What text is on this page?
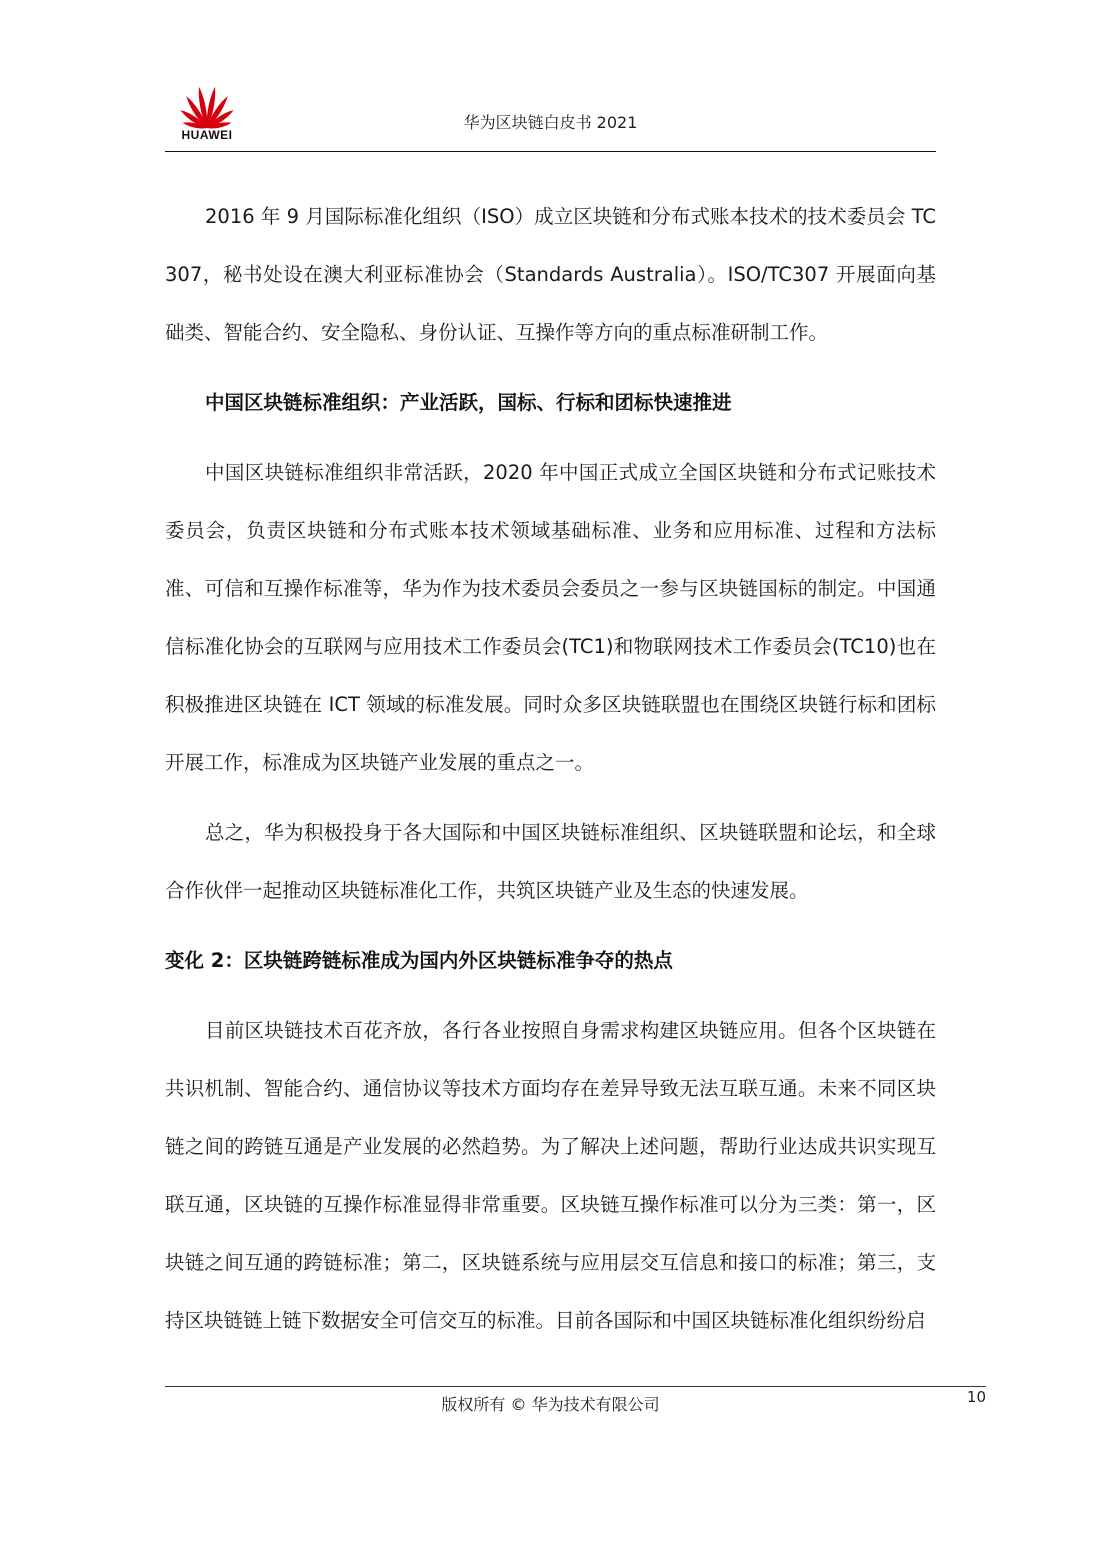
HUAWEI
华为区块链白皮书 2021

2016 年 9 月国际标准化组织（ISO）成立区块链和分布式账本技术的技术委员会 TC 307，秘书处设在澳大利亚标准协会（Standards Australia）。ISO/TC307 开展面向基础类、智能合约、安全隐私、身份认证、互操作等方向的重点标准研制工作。

中国区块链标准组织：产业活跃，国标、行标和团标快速推进

中国区块链标准组织非常活跃，2020 年中国正式成立全国区块链和分布式记账技术委员会，负责区块链和分布式账本技术领域基础标准、业务和应用标准、过程和方法标准、可信和互操作标准等，华为作为技术委员会委员之一参与区块链国标的制定。中国通信标准化协会的互联网与应用技术工作委员会(TC1)和物联网技术工作委员会(TC10)也在积极推进区块链在 ICT 领域的标准发展。同时众多区块链联盟也在围绕区块链行标和团标开展工作，标准成为区块链产业发展的重点之一。

总之，华为积极投身于各大国际和中国区块链标准组织、区块链联盟和论坛，和全球合作伙伴一起推动区块链标准化工作，共筑区块链产业及生态的快速发展。

变化 2：区块链跨链标准成为国内外区块链标准争夺的热点

目前区块链技术百花齐放，各行各业按照自身需求构建区块链应用。但各个区块链在共识机制、智能合约、通信协议等技术方面均存在差异导致无法互联互通。未来不同区块链之间的跨链互通是产业发展的必然趋势。为了解决上述问题，帮助行业达成共识实现互联互通，区块链的互操作标准显得非常重要。区块链互操作标准可以分为三类：第一，区块链之间互通的跨链标准；第二，区块链系统与应用层交互信息和接口的标准；第三，支持区块链链上链下数据安全可信交互的标准。目前各国际和中国区块链标准化组织纷纷启

版权所有 © 华为技术有限公司	10
